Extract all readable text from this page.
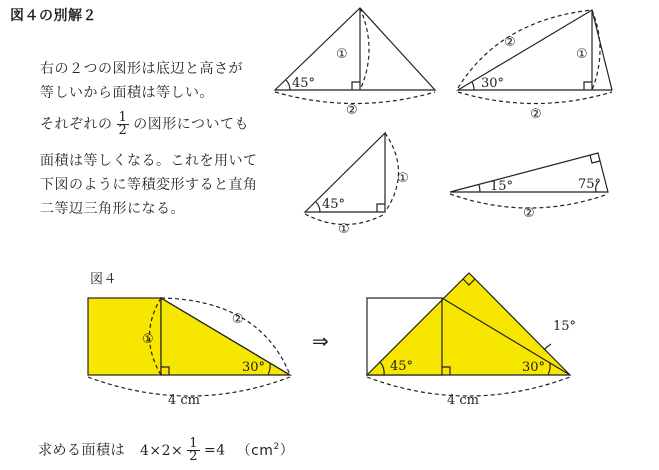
図４の別解２
右の２つの図形は底辺と高さが
等しいから面積は等しい。
それぞれの $\frac{1}{2}$ の図形についても
面積は等しくなる。これを用いて
下図のように等積変形すると直角
二等辺三角形になる。
図４
求める面積は $4\times 2\times \frac{1}{2} =4$ $(cm^2)$
45°
①
②
30°
②
①
②
45°
①
①
15°	75°
②
①
②
30°
4 cm
45°	30°
15°
4 cm
⇒
